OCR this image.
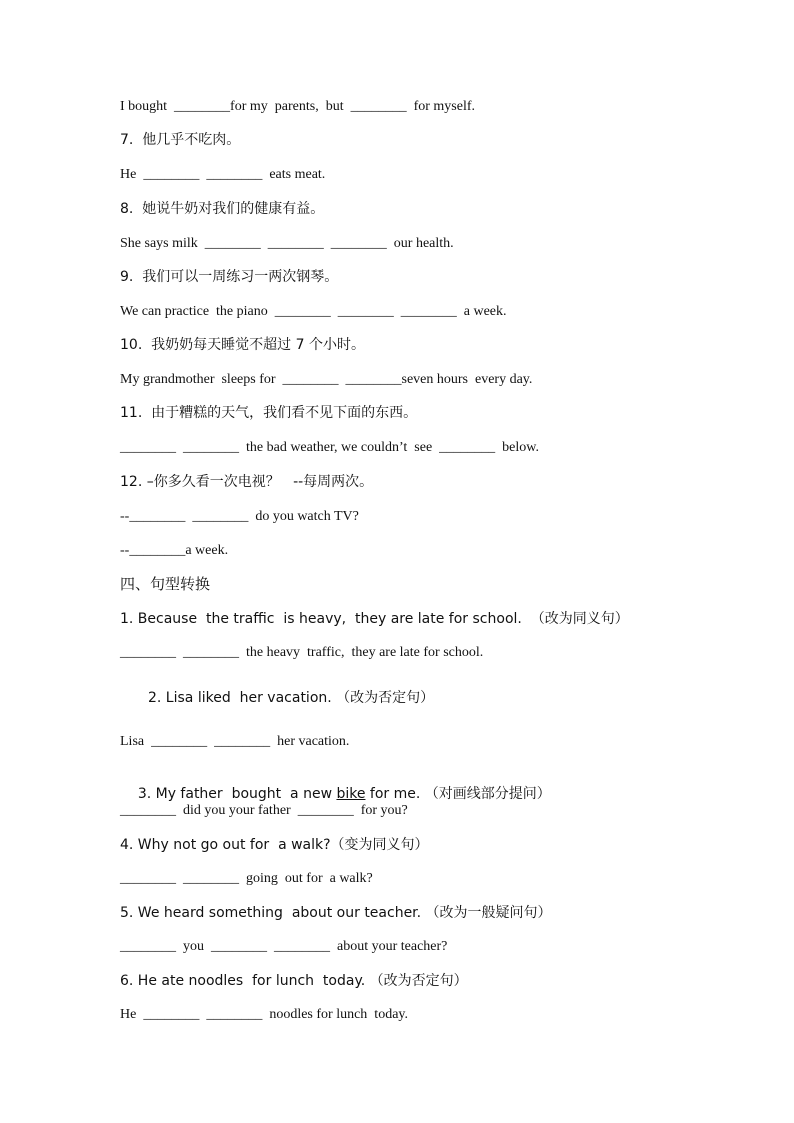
I bought  ________for my  parents,  but  ________  for myself.
7.  他几乎不吃肉。
He  ________  ________  eats meat.
8.  她说牛奶对我们的健康有益。
She says milk  ________  ________  ________  our health.
9.  我们可以一周练习一两次钢琴。
We can practice  the piano  ________  ________  ________  a week.
10.  我奶奶每天睡觉不超过 7 个小时。
My grandmother  sleeps for  ________  ________seven hours  every day.
11.  由于糟糕的天气，我们看不见下面的东西。
________  ________  the bad weather, we couldn’t  see  ________  below.
12. –你多久看一次电视？   --每周两次。
--________  ________  do you watch TV?
--________a week.
四、句型转换
1. Because  the traffic  is heavy,  they are late for school.  （改为同义句）
________  ________  the heavy  traffic,  they are late for school.
2. Lisa liked  her vacation. （改为否定句）
Lisa  ________  ________  her vacation.

3. My father  bought  a new bike for me. （对画线部分提问）

________  did you your father  ________  for you?
4. Why not go out for  a walk?（变为同义句）
________  ________  going  out for  a walk?
5. We heard something  about our teacher. （改为一般疑问句）
________  you  ________  ________  about your teacher?
6. He ate noodles  for lunch  today. （改为否定句）
He  ________  ________  noodles for lunch  today.
